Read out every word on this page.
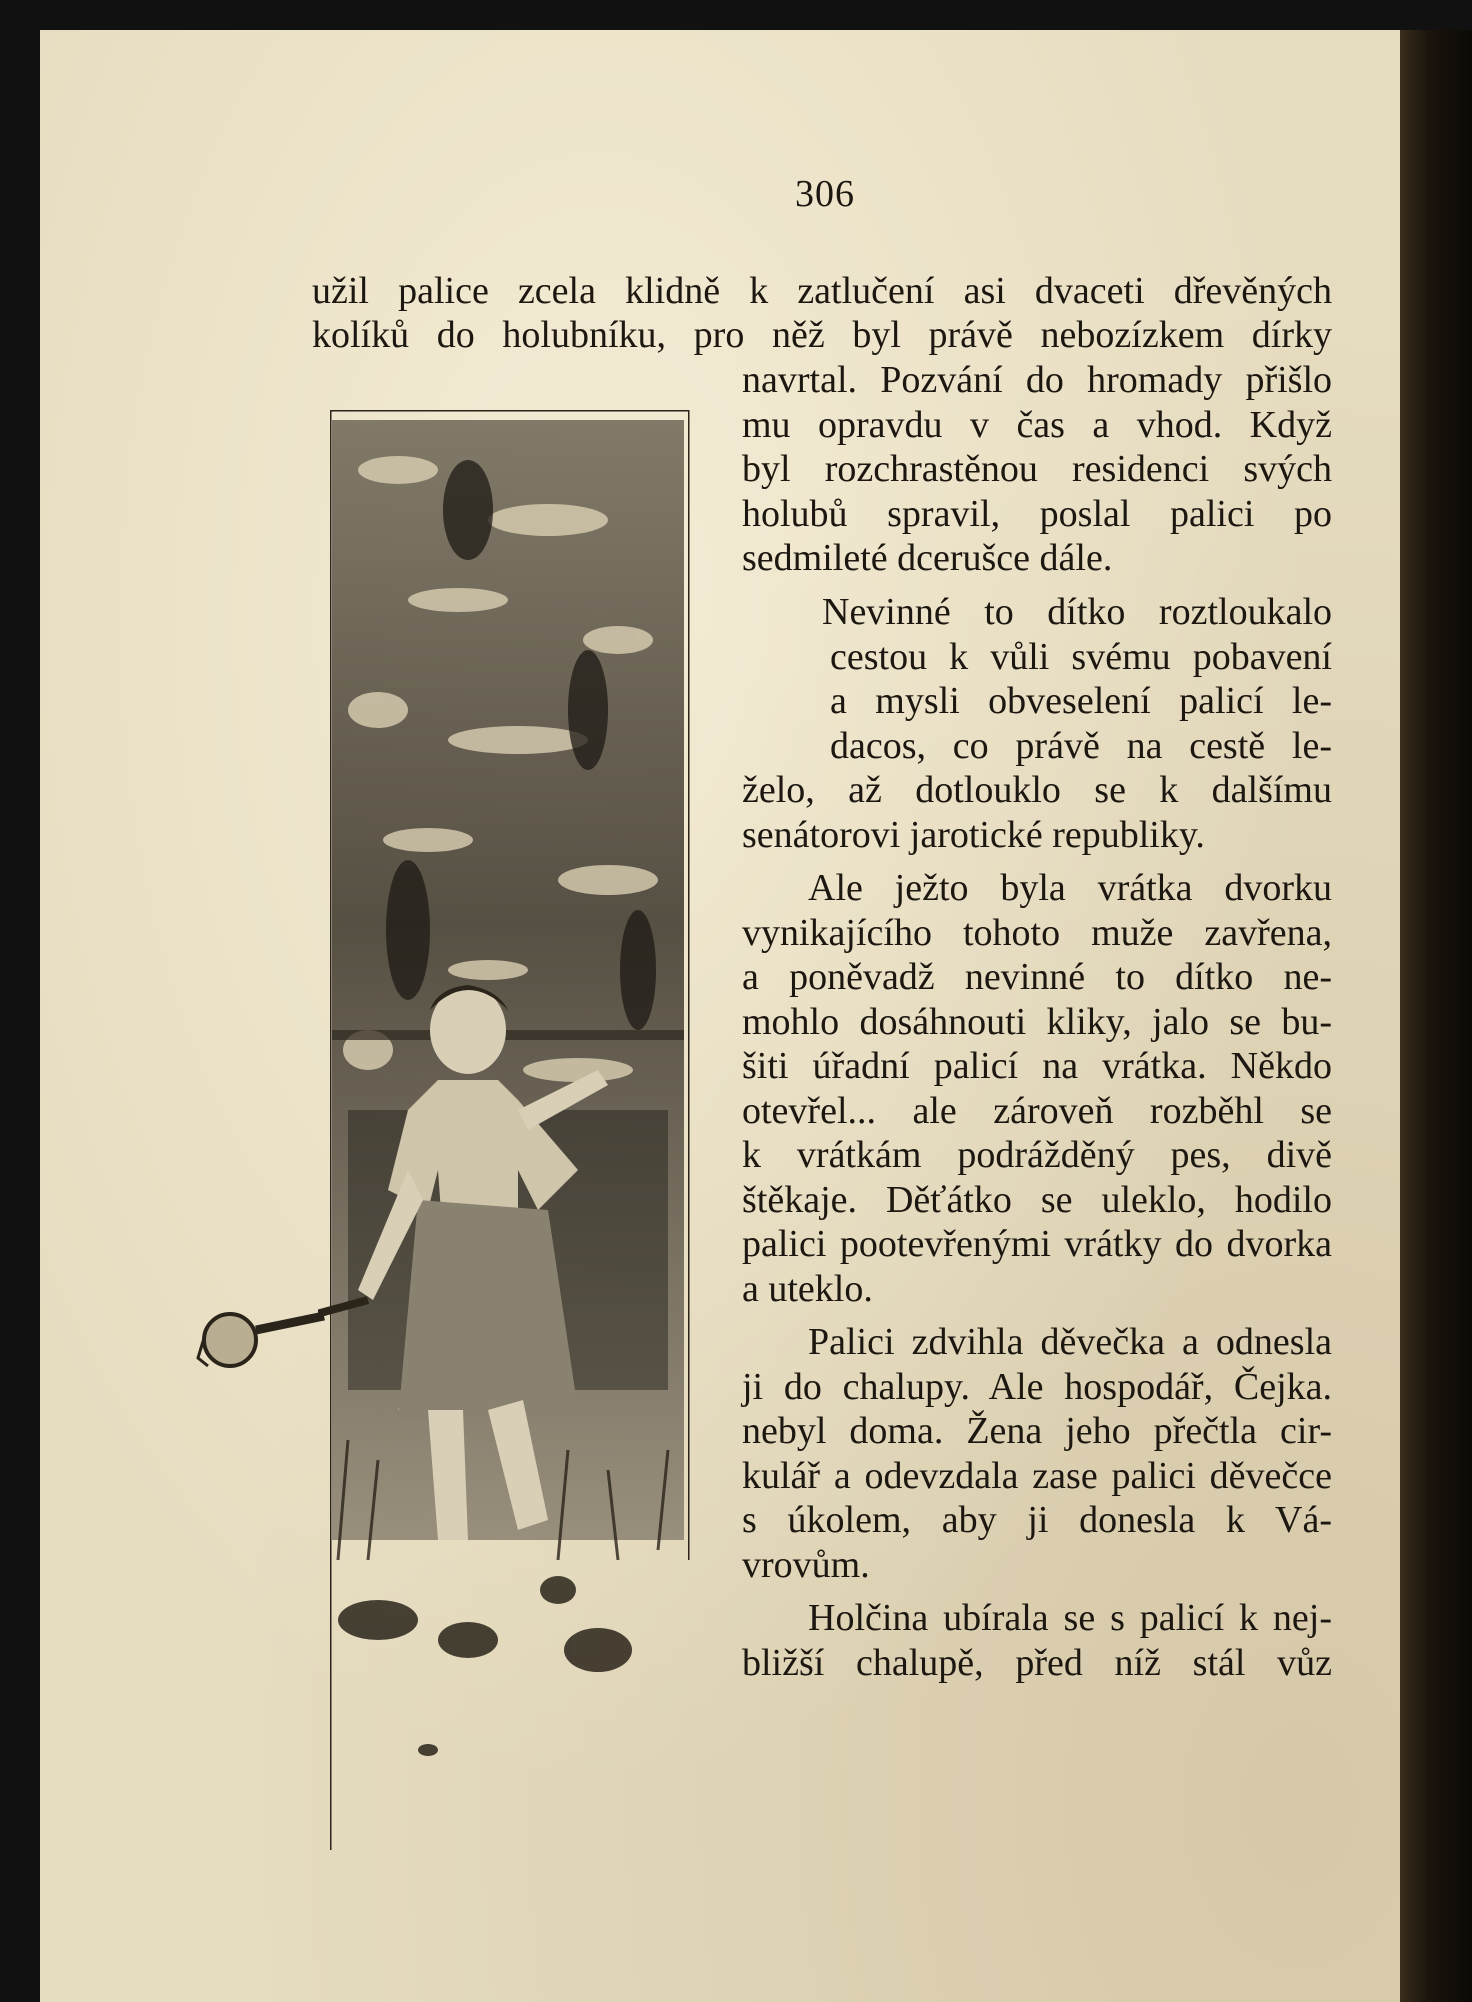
306
užil palice zcela klidně k zatlučení asi dvaceti dřevěných
kolíků do holubníku, pro něž byl právě nebozízkem dírky
navrtal. Pozvání do hromady přišlo
mu opravdu v čas a vhod. Když
byl rozchrastěnou residenci svých
holubů spravil, poslal palici po
sedmileté dcerušce dále.
Nevinné to dítko roztloukalo
cestou k vůli svému pobavení
a mysli obveselení palicí le-
dacos, co právě na cestě le-
želo, až dotlouklo se k dalšímu
senátorovi jarotické republiky.
Ale ježto byla vrátka dvorku
vynikajícího tohoto muže zavřena,
a poněvadž nevinné to dítko ne-
mohlo dosáhnouti kliky, jalo se bu-
šiti úřadní palicí na vrátka. Někdo
otevřel... ale zároveň rozběhl se
k vrátkám podrážděný pes, divě
štěkaje. Děťátko se uleklo, hodilo
palici pootevřenými vrátky do dvorka
a uteklo.
Palici zdvihla děvečka a odnesla
ji do chalupy. Ale hospodář, Čejka.
nebyl doma. Žena jeho přečtla cir-
kulář a odevzdala zase palici děvečce
s úkolem, aby ji donesla k Vá-
vrovům.
Holčina ubírala se s palicí k nej-
bližší chalupě, před níž stál vůz
